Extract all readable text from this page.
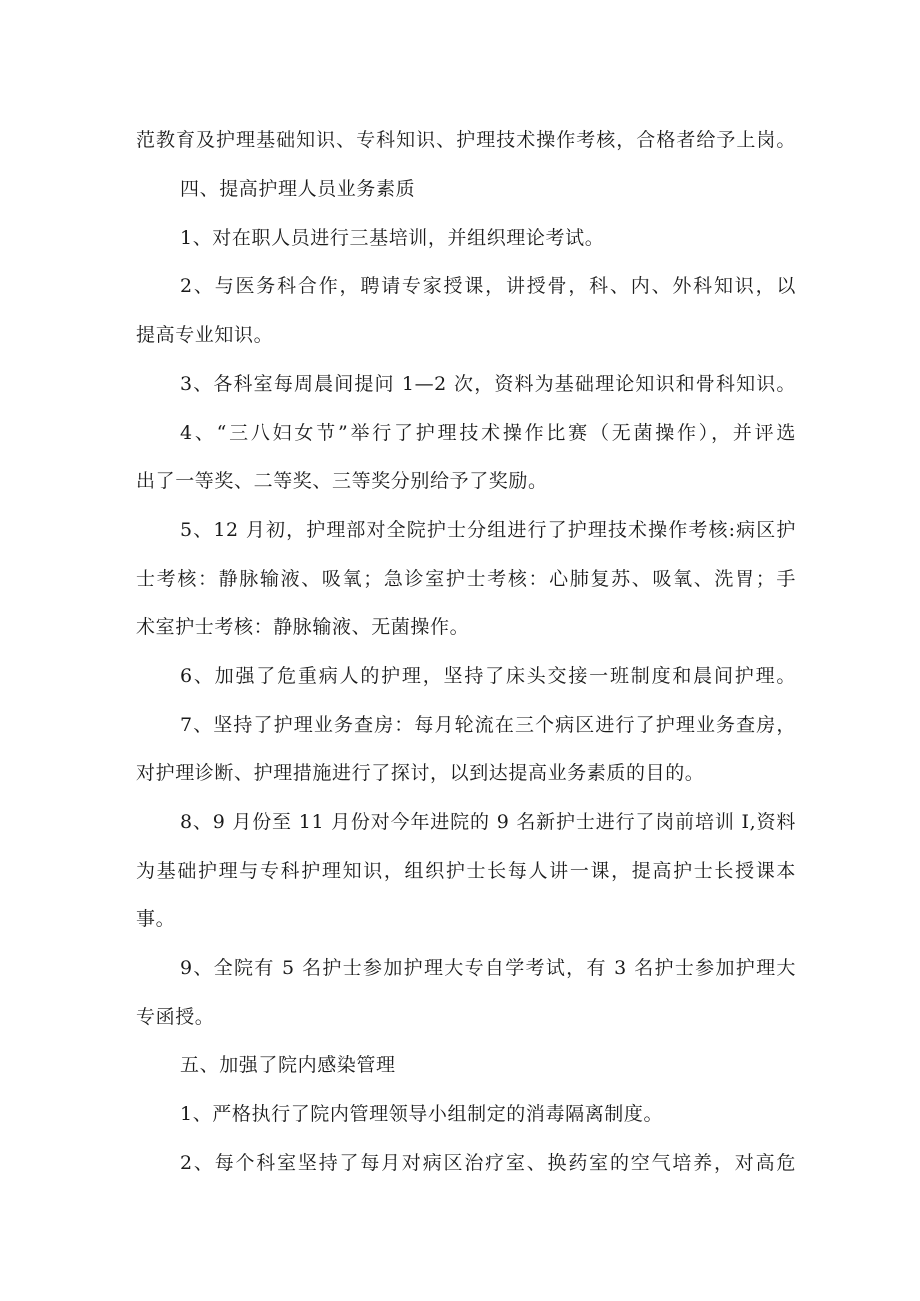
范教育及护理基础知识、专科知识、护理技术操作考核，合格者给予上岗。
四、提高护理人员业务素质
1、对在职人员进行三基培训，并组织理论考试。
2、与医务科合作，聘请专家授课，讲授骨，科、内、外科知识，以
提高专业知识。
3、各科室每周晨间提问 1—2 次，资料为基础理论知识和骨科知识。
4、“三八妇女节”举行了护理技术操作比赛（无菌操作），并评选
出了一等奖、二等奖、三等奖分别给予了奖励。
5、12 月初，护理部对全院护士分组进行了护理技术操作考核:病区护
士考核：静脉输液、吸氧；急诊室护士考核：心肺复苏、吸氧、洗胃；手
术室护士考核：静脉输液、无菌操作。
6、加强了危重病人的护理，坚持了床头交接一班制度和晨间护理。
7、坚持了护理业务查房：每月轮流在三个病区进行了护理业务查房，
对护理诊断、护理措施进行了探讨，以到达提高业务素质的目的。
8、9 月份至 11 月份对今年进院的 9 名新护士进行了岗前培训 I,资料
为基础护理与专科护理知识，组织护士长每人讲一课，提高护士长授课本
事。
9、全院有 5 名护士参加护理大专自学考试，有 3 名护士参加护理大
专函授。
五、加强了院内感染管理
1、严格执行了院内管理领导小组制定的消毒隔离制度。
2、每个科室坚持了每月对病区治疗室、换药室的空气培养，对高危
